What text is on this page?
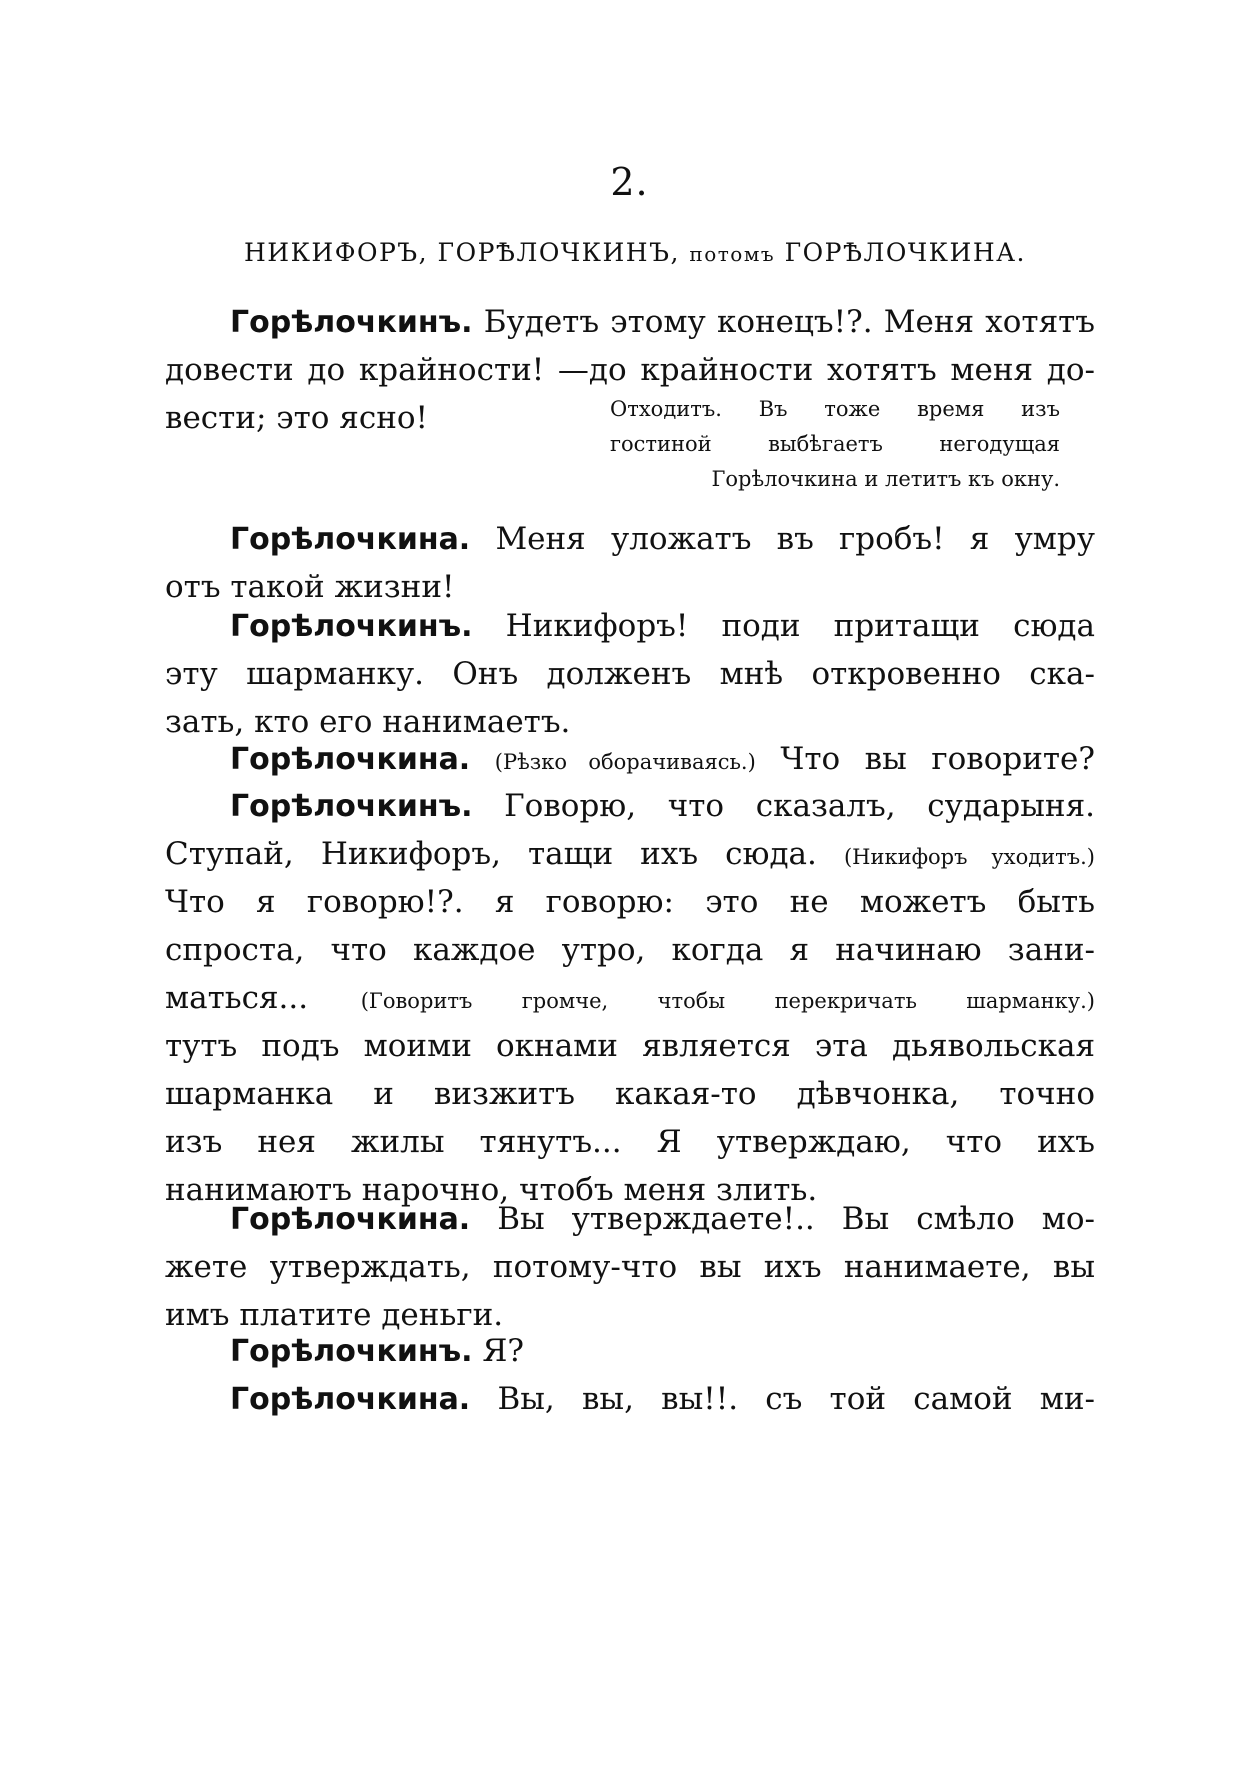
2.
НИКИФОРЪ, ГОРѢЛОЧКИНЪ, потомъ ГОРѢЛОЧКИНА.
Горѣлочкинъ. Будетъ этому конецъ!?. Меня хотятъ
довести до крайности! —до крайности хотятъ меня до-
вести; это ясно!	Отходитъ. Въ тоже время изъ
гостиной выбѣгаетъ негодущая
Горѣлочкина и летитъ къ окну.
Горѣлочкина. Меня уложатъ въ гробъ! я умру
отъ такой жизни!
Горѣлочкинъ. Никифоръ! поди притащи сюда
эту шарманку. Онъ долженъ мнѣ откровенно ска-
зать, кто его нанимаетъ.
Горѣлочкина. (Рѣзко оборачиваясь.) Что вы говорите?
Горѣлочкинъ. Говорю, что сказалъ, сударыня.
Ступай, Никифоръ, тащи ихъ сюда. (Никифоръ уходитъ.)
Что я говорю!?. я говорю: это не можетъ быть
спроста, что каждое утро, когда я начинаю зани-
маться...	(Говоритъ громче, чтобы перекричать шарманку.)
тутъ подъ моими окнами является эта дьявольская
шарманка и визжитъ какая-то дѣвчонка, точно
изъ нея жилы тянутъ... Я утверждаю, что ихъ
нанимаютъ нарочно, чтобъ меня злить.
Горѣлочкина. Вы утверждаете!.. Вы смѣло мо-
жете утверждать, потому-что вы ихъ нанимаете, вы
имъ платите деньги.
Горѣлочкинъ. Я?
Горѣлочкина. Вы, вы, вы!!. съ той самой ми-
